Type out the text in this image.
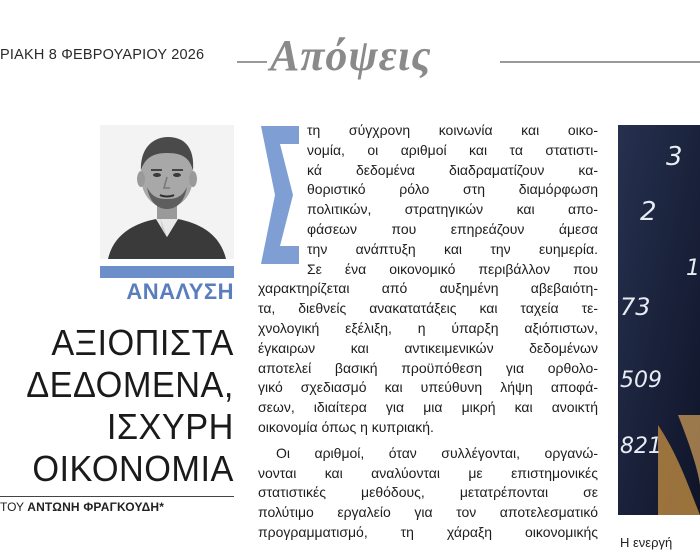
ΡΙΑΚΗ 8 ΦΕΒΡΟΥΑΡΙΟΥ 2026 Απόψεις
ΑΝΑΛΥΣΗ
ΑΞΙΟΠΙΣΤΑ
ΔΕΔΟΜΕΝΑ,
ΙΣΧΥΡΗ
ΟΙΚΟΝΟΜΙΑ
ΤΟΥ ΑΝΤΩΝΗ ΦΡΑΓΚΟΥΔΗ*
τη σύγχρονη κοινωνία και οικο-
νομία, οι αριθμοί και τα στατιστι-
κά δεδομένα διαδραματίζουν κα-
θοριστικό ρόλο στη διαμόρφωση
πολιτικών, στρατηγικών και απο-
φάσεων που επηρεάζουν άμεσα
την ανάπτυξη και την ευημερία.
Σε ένα οικονομικό περιβάλλον που
χαρακτηρίζεται από αυξημένη αβεβαιότη-
τα, διεθνείς ανακατατάξεις και ταχεία τε-
χνολογική εξέλιξη, η ύπαρξη αξιόπιστων,
έγκαιρων και αντικειμενικών δεδομένων
αποτελεί βασική προϋπόθεση για ορθολο-
γικό σχεδιασμό και υπεύθυνη λήψη αποφά-
σεων, ιδιαίτερα για μια μικρή και ανοικτή
οικονομία όπως η κυπριακή.
Οι αριθμοί, όταν συλλέγονται, οργανώ-
νονται και αναλύονται με επιστημονικές
στατιστικές μεθόδους, μετατρέπονται σε
πολύτιμο εργαλείο για τον αποτελεσματικό
προγραμματισμό, τη χάραξη οικονομικής
3
2
73
509
821
1
Η ενεργή
